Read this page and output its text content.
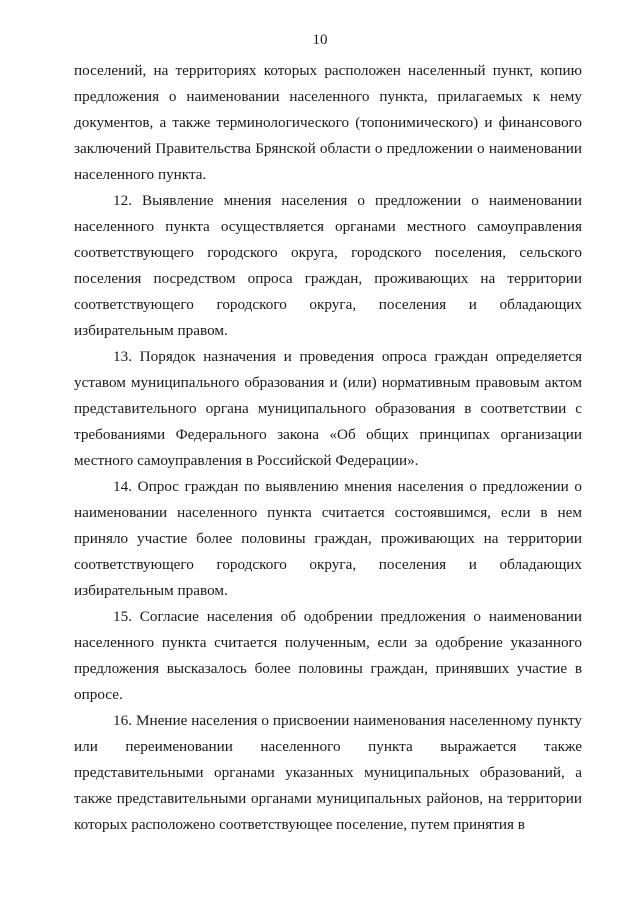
10

поселений, на территориях которых расположен населенный пункт, копию предложения о наименовании населенного пункта, прилагаемых к нему документов, а также терминологического (топонимического) и финансового заключений Правительства Брянской области о предложении о наименовании населенного пункта.

12. Выявление мнения населения о предложении о наименовании населенного пункта осуществляется органами местного самоуправления соответствующего городского округа, городского поселения, сельского поселения посредством опроса граждан, проживающих на территории соответствующего городского округа, поселения и обладающих избирательным правом.

13. Порядок назначения и проведения опроса граждан определяется уставом муниципального образования и (или) нормативным правовым актом представительного органа муниципального образования в соответствии с требованиями Федерального закона «Об общих принципах организации местного самоуправления в Российской Федерации».

14. Опрос граждан по выявлению мнения населения о предложении о наименовании населенного пункта считается состоявшимся, если в нем приняло участие более половины граждан, проживающих на территории соответствующего городского округа, поселения и обладающих избирательным правом.

15. Согласие населения об одобрении предложения о наименовании населенного пункта считается полученным, если за одобрение указанного предложения высказалось более половины граждан, принявших участие в опросе.

16. Мнение населения о присвоении наименования населенному пункту или переименовании населенного пункта выражается также представительными органами указанных муниципальных образований, а также представительными органами муниципальных районов, на территории которых расположено соответствующее поселение, путем принятия в
